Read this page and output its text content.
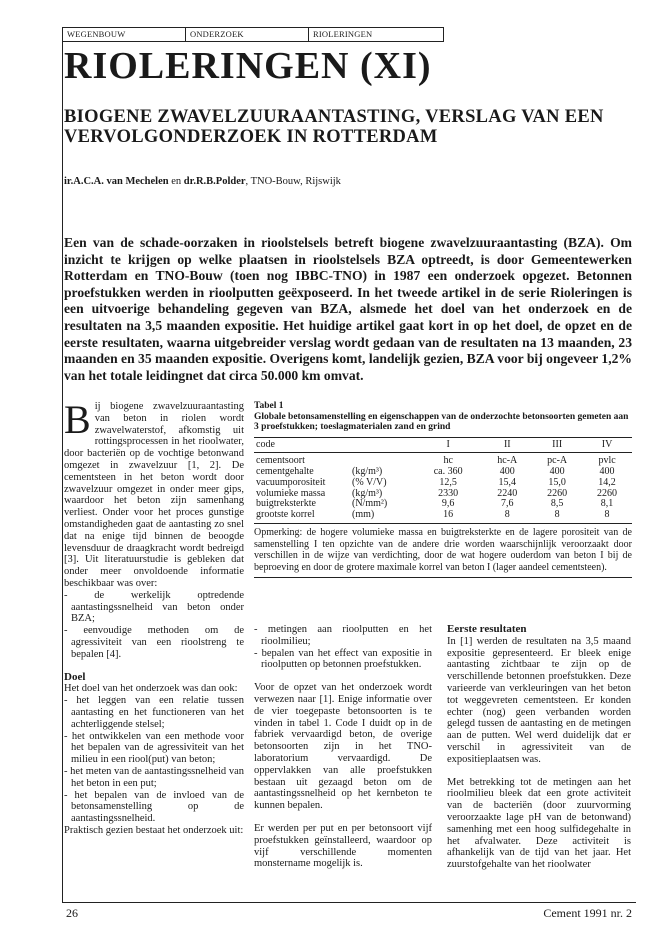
WEGENBOUW	ONDERZOEK	RIOLERINGEN
RIOLERINGEN (XI)
BIOGENE ZWAVELZUURAANTASTING, VERSLAG VAN EEN VERVOLGONDERZOEK IN ROTTERDAM
ir.A.C.A. van Mechelen en dr.R.B.Polder, TNO-Bouw, Rijswijk
Een van de schade-oorzaken in rioolstelsels betreft biogene zwavelzuuraantasting (BZA). Om inzicht te krijgen op welke plaatsen in rioolstelsels BZA optreedt, is door Gemeentewerken Rotterdam en TNO-Bouw (toen nog IBBC-TNO) in 1987 een onderzoek opgezet. Betonnen proefstukken werden in rioolputten geëxposeerd. In het tweede artikel in de serie Rioleringen is een uitvoerige behandeling gegeven van BZA, alsmede het doel van het onderzoek en de resultaten na 3,5 maanden expositie. Het huidige artikel gaat kort in op het doel, de opzet en de eerste resultaten, waarna uitgebreider verslag wordt gedaan van de resultaten na 13 maanden, 23 maanden en 35 maanden expositie. Overigens komt, landelijk gezien, BZA voor bij ongeveer 1,2% van het totale leidingnet dat circa 50.000 km omvat.
B ij biogene zwavelzuuraantasting van beton in riolen wordt zwavelwaterstof, afkomstig uit rottingsprocessen in het rioolwater, door bacteriën op de vochtige betonwand omgezet in zwavelzuur [1, 2]. De cementsteen in het beton wordt door zwavelzuur omgezet in onder meer gips, waardoor het beton zijn samenhang verliest. Onder voor het proces gunstige omstandigheden gaat de aantasting zo snel dat na enige tijd binnen de beoogde levensduur de draagkracht wordt bedreigd [3]. Uit literatuurstudie is gebleken dat onder meer onvoldoende informatie beschikbaar was over:

- de werkelijk optredende aantastingssnelheid van beton onder BZA;
- eenvoudige methoden om de agressiviteit van een rioolstreng te bepalen [4].
Doel

Het doel van het onderzoek was dan ook:

- het leggen van een relatie tussen aantasting en het functioneren van het achterliggende stelsel;
- het ontwikkelen van een methode voor het bepalen van de agressiviteit van het milieu in een riool(put) van beton;
- het meten van de aantastingssnelheid van het beton in een put;
- het bepalen van de invloed van de betonsamenstelling op de aantastingssnelheid.

Praktisch gezien bestaat het onderzoek uit:

Tabel 1
Globale betonsamenstelling en eigenschappen van de onderzochte betonsoorten gemeten aan 3 proefstukken; toeslagmaterialen zand en grind
code		I	II	III	IV
cementsoort		hc	hc-A	pc-A	pvlc
cementgehalte	(kg/m³)	ca. 360	400	400	400
vacuumporositeit	(% V/V)	12,5	15,4	15,0	14,2
volumieke massa	(kg/m³)	2330	2240	2260	2260
buigtreksterkte	(N/mm²)	9,6	7,6	8,5	8,1
grootste korrel	(mm)	16	8	8	8
Opmerking: de hogere volumieke massa en buigtreksterkte en de lagere porositeit van de samenstelling I ten opzichte van de andere drie worden waarschijnlijk veroorzaakt door verschillen in de wijze van verdichting, door de wat hogere ouderdom van beton I bij de beproeving en door de grotere maximale korrel van beton I (lager aandeel cementsteen).
- metingen aan rioolputten en het rioolmilieu;
- bepalen van het effect van expositie in rioolputten op betonnen proefstukken.

Voor de opzet van het onderzoek wordt verwezen naar [1]. Enige informatie over de vier toegepaste betonsoorten is te vinden in tabel 1. Code I duidt op in de fabriek vervaardigd beton, de overige betonsoorten zijn in het TNO-laboratorium vervaardigd. De oppervlakken van alle proefstukken bestaan uit gezaagd beton om de aantastingssnelheid op het kernbeton te kunnen bepalen.

Er werden per put en per betonsoort vijf proefstukken geïnstalleerd, waardoor op vijf verschillende momenten monstername mogelijk is.

Eerste resultaten

In [1] werden de resultaten na 3,5 maand expositie gepresenteerd. Er bleek enige aantasting zichtbaar te zijn op de verschillende betonnen proefstukken. Deze varieerde van verkleuringen van het beton tot weggevreten cementsteen. Er konden echter (nog) geen verbanden worden gelegd tussen de aantasting en de metingen aan de putten. Wel werd duidelijk dat er verschil in agressiviteit van de expositieplaatsen was.

Met betrekking tot de metingen aan het rioolmilieu bleek dat een grote activiteit van de bacteriën (door zuurvorming veroorzaakte lage pH van de betonwand) samenhing met een hoog sulfidegehalte in het afvalwater. Deze activiteit is afhankelijk van de tijd van het jaar. Het zuurstofgehalte van het rioolwater

26	Cement 1991 nr. 2
